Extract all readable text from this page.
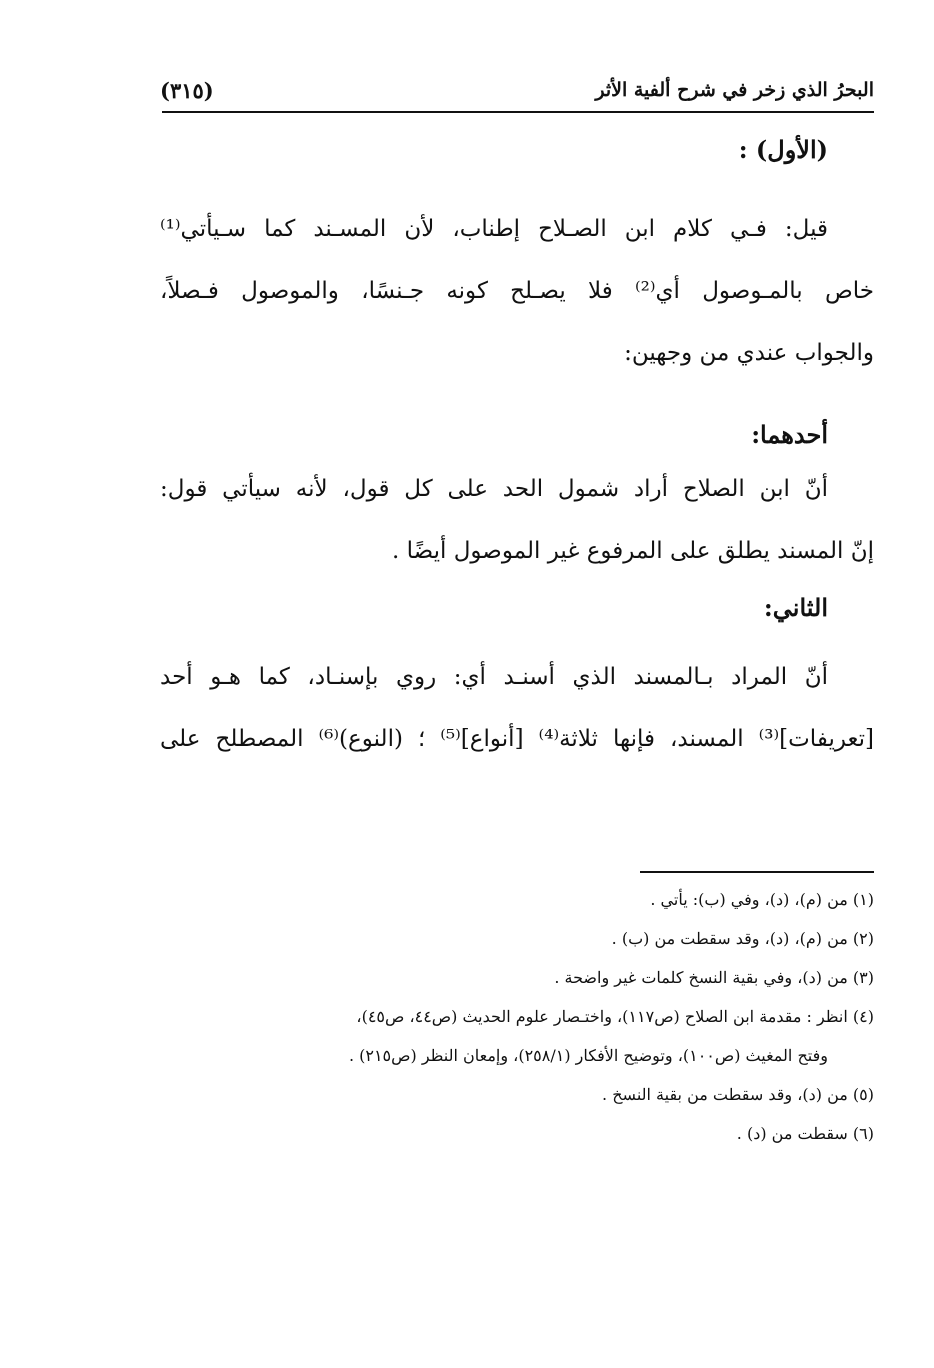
البحرُ الذي زخر في شرح ألفية الأثر
(٣١٥)
(الأول) :
قيل: فـي كلام ابن الصـلاح إطناب، لأن المسـند كما سـيأتي⁽¹⁾
خاص بالمـوصول أي⁽²⁾ فلا يصـلح كونه جـنسًا، والموصول فـصلاً،
والجواب عندي من وجهين:
أحدهما:
أنّ ابن الصلاح أراد شمول الحد على كل قول، لأنه سيأتي قول:
إنّ المسند يطلق على المرفوع غير الموصول أيضًا .
الثاني:
أنّ المراد بـالمسند الذي أسنـد أي: روي بإسنـاد، كما هـو أحد
[تعريفات]⁽³⁾ المسند، فإنها ثلاثة⁽⁴⁾ [أنواع]⁽⁵⁾ ؛ (النوع)⁽⁶⁾ المصطلح على
(١) من (م)، (د)، وفي (ب): يأتي .
(٢) من (م)، (د)، وقد سقطت من (ب) .
(٣) من (د)، وفي بقية النسخ كلمات غير واضحة .
(٤) انظر : مقدمة ابن الصلاح (ص١١٧)، واختـصار علوم الحديث (ص٤٤، ص٤٥)،
وفتح المغيث (ص١٠٠)، وتوضيح الأفكار (٢٥٨/١)، وإمعان النظر (ص٢١٥) .
(٥) من (د)، وقد سقطت من بقية النسخ .
(٦) سقطت من (د) .
